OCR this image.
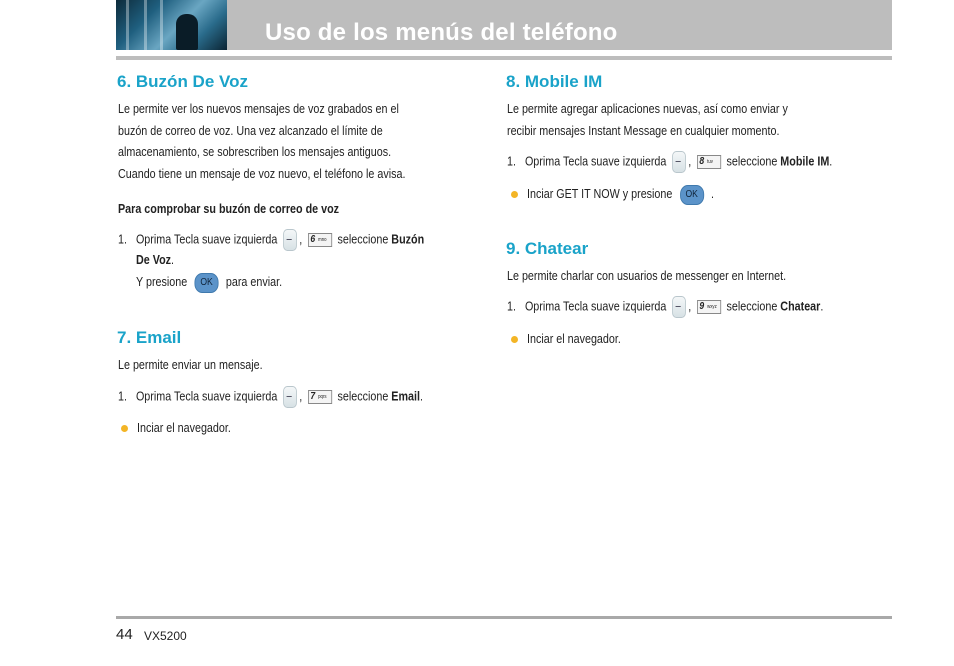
Uso de los menús del teléfono
6. Buzón De Voz
Le permite ver los nuevos mensajes de voz grabados en el
buzón de correo de voz. Una vez alcanzado el límite de
almacenamiento, se sobrescriben los mensajes antiguos.
Cuando tiene un mensaje de voz nuevo, el teléfono le avisa.
Para comprobar su buzón de correo de voz
1. Oprima Tecla suave izquierda , 6 mno seleccione Buzón
De Voz.
Y presione OK para enviar.
7. Email
Le permite enviar un mensaje.
1. Oprima Tecla suave izquierda , 7 pqrs seleccione Email.
Inciar el navegador.
8. Mobile IM
Le permite agregar aplicaciones nuevas, así como enviar y
recibir mensajes Instant Message en cualquier momento.
1. Oprima Tecla suave izquierda , 8 tuv seleccione Mobile IM.
Inciar GET IT NOW y presione OK .
9. Chatear
Le permite charlar con usuarios de messenger en Internet.
1. Oprima Tecla suave izquierda , 9 wxyz seleccione Chatear.
Inciar el navegador.
44 VX5200
